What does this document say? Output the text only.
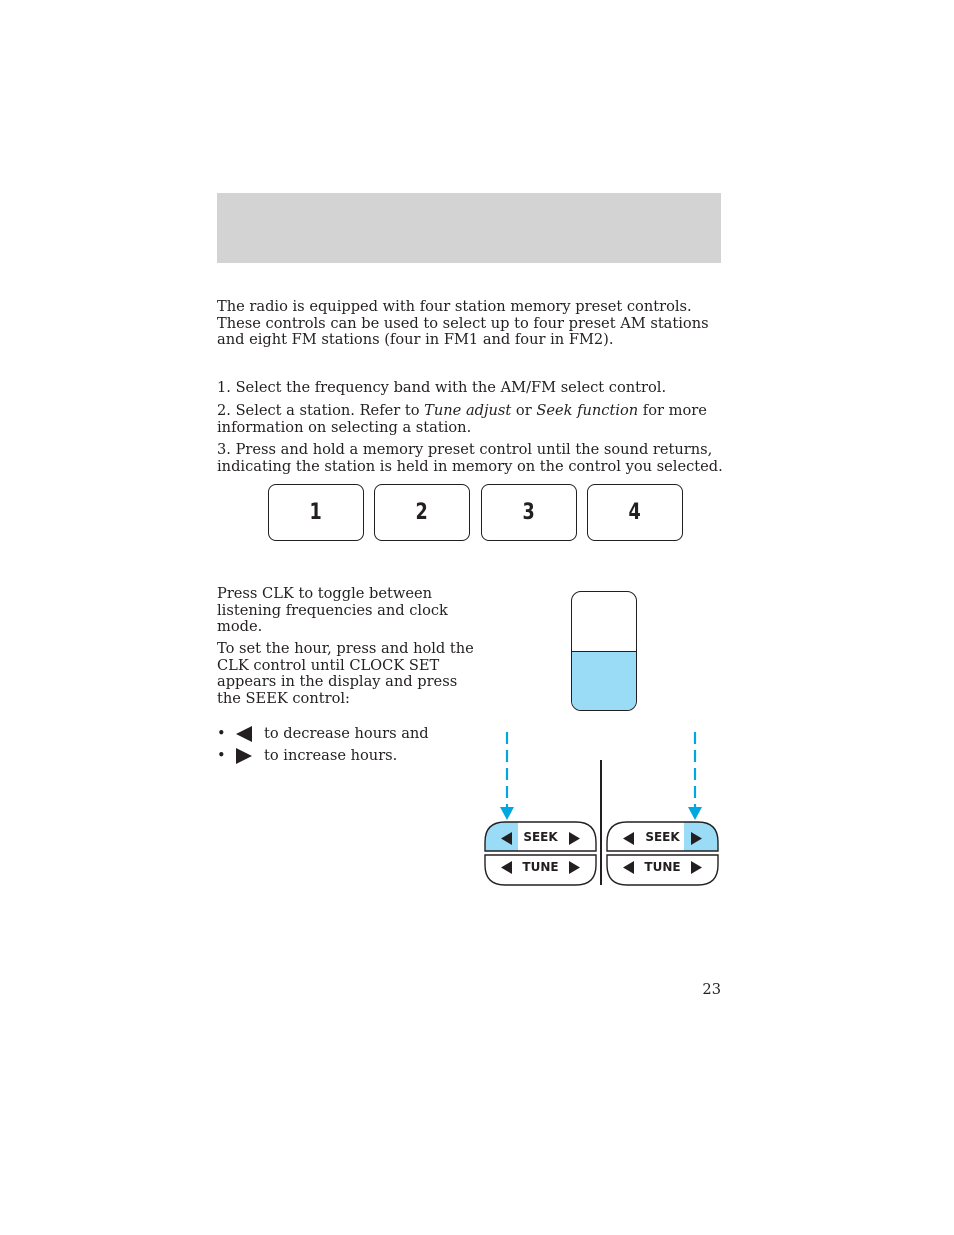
The radio is equipped with four station memory preset controls. These controls can be used to select up to four preset AM stations and eight FM stations (four in FM1 and four in FM2).

1. Select the frequency band with the AM/FM select control.

2. Select a station. Refer to Tune adjust or Seek function for more information on selecting a station.

3. Press and hold a memory preset control until the sound returns, indicating the station is held in memory on the control you selected.

1	2	3	4

Press CLK to toggle between listening frequencies and clock mode.

To set the hour, press and hold the CLK control until CLOCK SET appears in the display and press the SEEK control:

•	to decrease hours and
•	to increase hours.
SEEK
TUNE
SEEK
TUNE
23
